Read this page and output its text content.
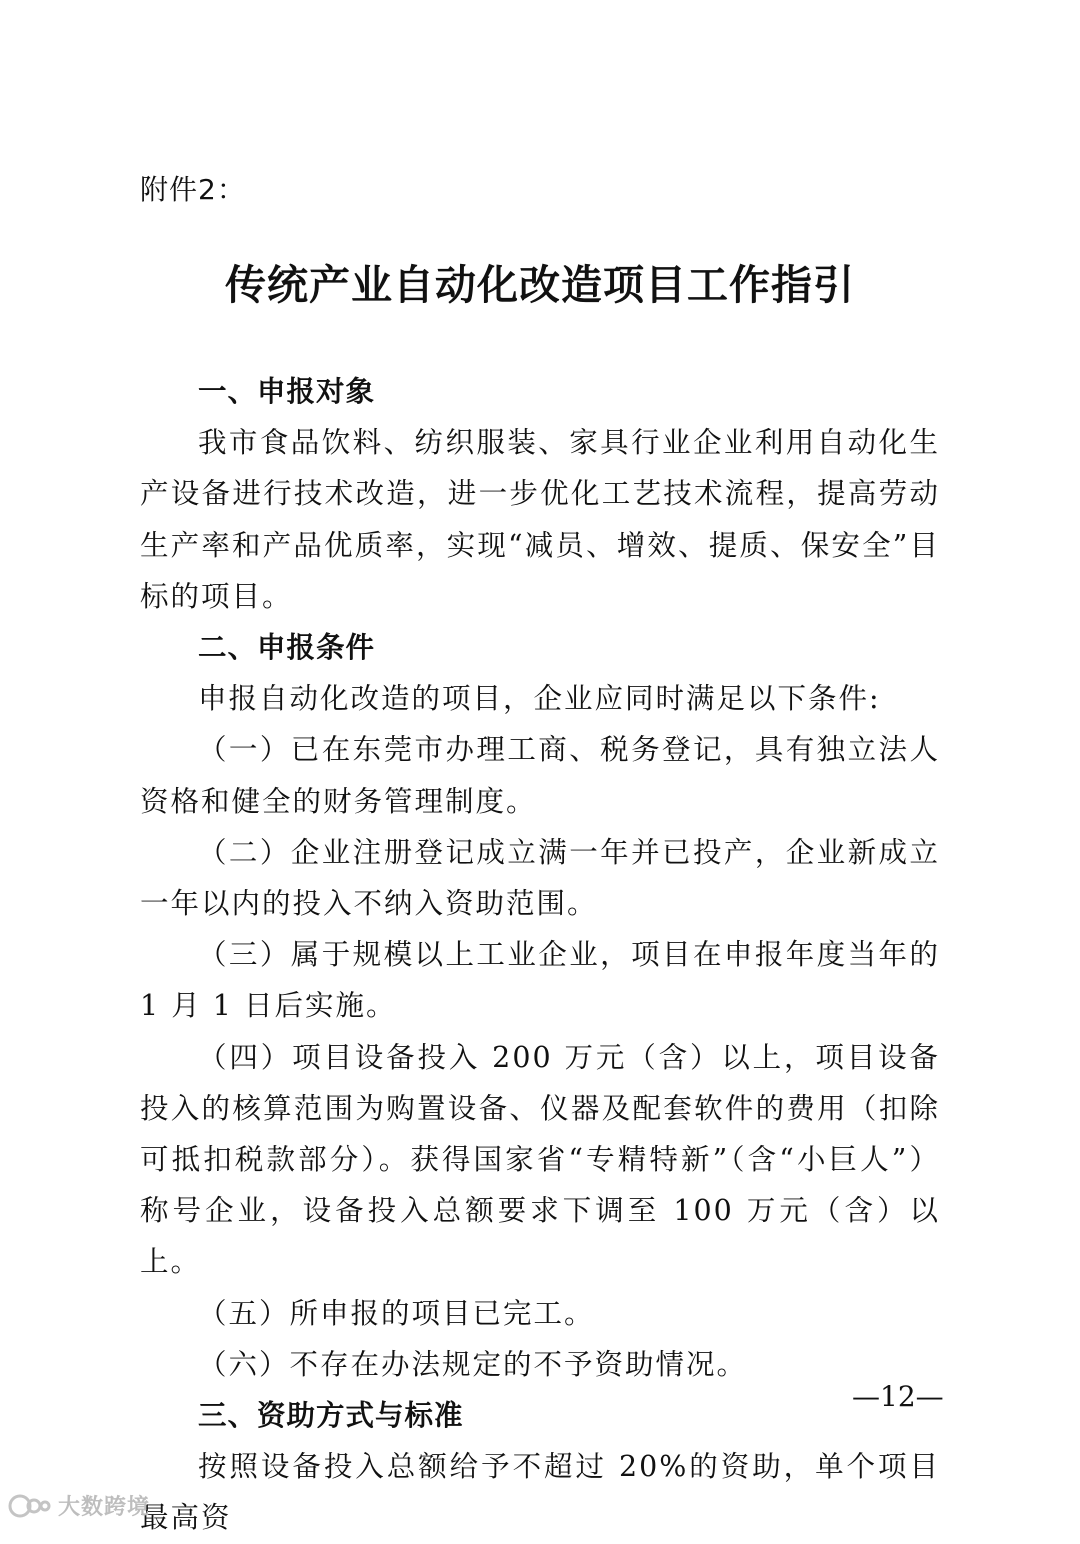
附件2：
传统产业自动化改造项目工作指引

一、申报对象

我市食品饮料、纺织服装、家具行业企业利用自动化生产设备进行技术改造，进一步优化工艺技术流程，提高劳动生产率和产品优质率，实现“减员、增效、提质、保安全”目标的项目。

二、申报条件

申报自动化改造的项目，企业应同时满足以下条件:

（一）已在东莞市办理工商、税务登记，具有独立法人资格和健全的财务管理制度。

（二）企业注册登记成立满一年并已投产，企业新成立一年以内的投入不纳入资助范围。

（三）属于规模以上工业企业，项目在申报年度当年的 1 月 1 日后实施。

（四）项目设备投入 200 万元（含）以上，项目设备投入的核算范围为购置设备、仪器及配套软件的费用（扣除可抵扣税款部分）。获得国家省“专精特新”（含“小巨人”）称号企业，设备投入总额要求下调至 100 万元（含）以上。

（五）所申报的项目已完工。

（六）不存在办法规定的不予资助情况。

三、资助方式与标准

按照设备投入总额给予不超过 20%的资助，单个项目最高资

—12—
大数跨境
